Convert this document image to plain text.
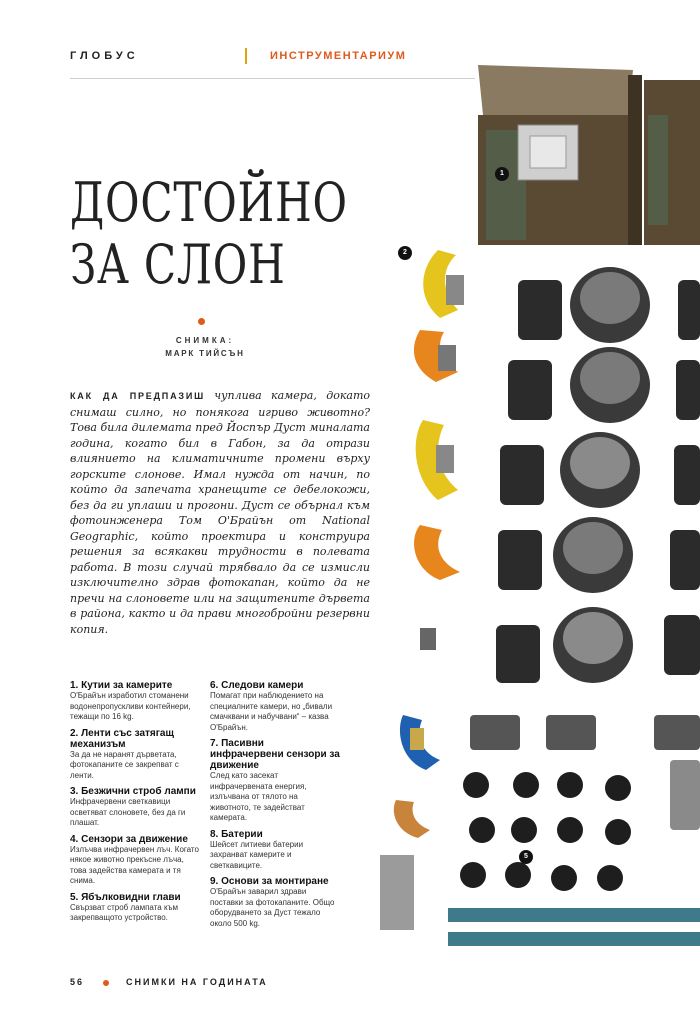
ГЛОБУС	ИНСТРУМЕНТАРИУМ
ДОСТОЙНО
ЗА СЛОН
СНИМКА:
МАРК ТИЙСЪН
КАК ДА ПРЕДПАЗИШ чуплива камера, докато снимаш силно, но понякога игриво животно? Това била дилемата пред Йоспър Дуст миналата година, когато бил в Габон, за да отрази влиянието на климатичните промени върху горските слонове. Имал нужда от начин, по който да запечата хранещите се дебелокожи, без да ги уплаши и прогони. Дуст се обърнал към фотоинженера Том О'Брайън от National Geographic, който проектира и конструира решения за всякакви трудности в полевата работа. В този случай трябвало да се измисли изключително здрав фотокапан, който да не пречи на слоновете или на защитените дървета в района, както и да прави многобройни резервни копия.
1. Кутии за камерите
О'Брайън изработил стоманени водонепропускливи контейнери, тежащи по 16 kg.
2. Ленти със затягащ механизъм
За да не наранят дърветата, фотокапаните се закрепват с ленти.
3. Безжични строб лампи
Инфрачервени светкавици осветяват слоновете, без да ги плашат.
4. Сензори за движение
Излъчва инфрачервен лъч. Когато някое животно прекъсне лъча, това задейства камерата и тя снима.
5. Ябълковидни глави
Свързват строб лампата към закрепващото устройство.
6. Следови камери
Помагат при наблюдението на специалните камери, но „бивали смачквани и набучвани“ – казва О'Брайън.
7. Пасивни инфрачервени сензори за движение
След като засекат инфрачервената енергия, излъчвана от тялото на животното, те задействат камерата.
8. Батерии
Шейсет литиеви батерии захранват камерите и светкавиците.
9. Основи за монтиране
О'Брайън заварил здрави поставки за фотокапаните. Общо оборудването за Дуст тежало около 500 kg.
1
2
5
56	СНИМКИ НА ГОДИНАТА
